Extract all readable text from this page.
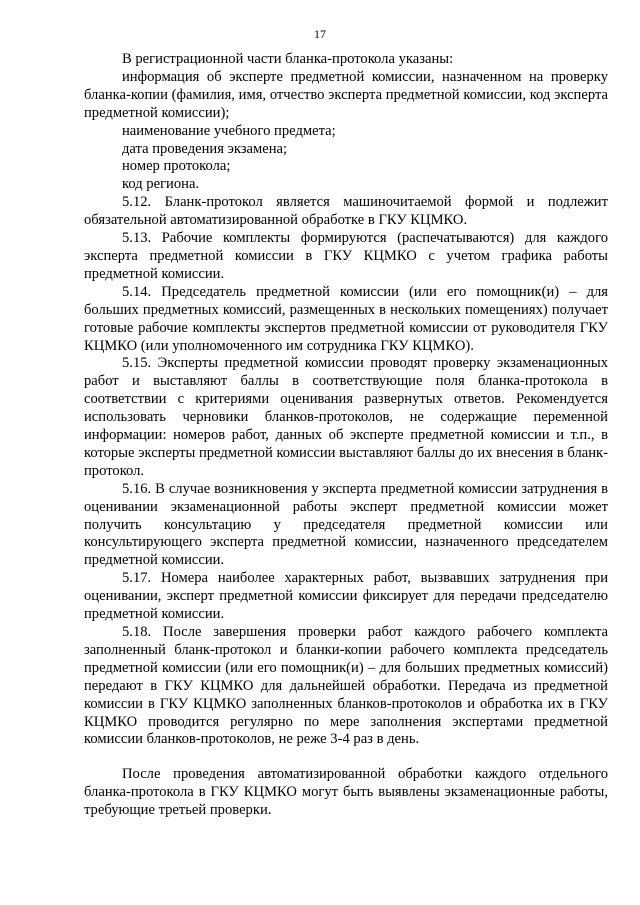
17

В регистрационной части бланка-протокола указаны:

информация об эксперте предметной комиссии, назначенном на проверку бланка-копии (фамилия, имя, отчество эксперта предметной комиссии, код эксперта предметной комиссии);

наименование учебного предмета;

дата проведения экзамена;

номер протокола;

код региона.

5.12. Бланк-протокол является машиночитаемой формой и подлежит обязательной автоматизированной обработке в ГКУ КЦМКО.

5.13. Рабочие комплекты формируются (распечатываются) для каждого эксперта предметной комиссии в ГКУ КЦМКО с учетом графика работы предметной комиссии.

5.14. Председатель предметной комиссии (или его помощник(и) – для больших предметных комиссий, размещенных в нескольких помещениях) получает готовые рабочие комплекты экспертов предметной комиссии от руководителя ГКУ КЦМКО (или уполномоченного им сотрудника ГКУ КЦМКО).

5.15. Эксперты предметной комиссии проводят проверку экзаменационных работ и выставляют баллы в соответствующие поля бланка-протокола в соответствии с критериями оценивания развернутых ответов. Рекомендуется использовать черновики бланков-протоколов, не содержащие переменной информации: номеров работ, данных об эксперте предметной комиссии и т.п., в которые эксперты предметной комиссии выставляют баллы до их внесения в бланк-протокол.

5.16. В случае возникновения у эксперта предметной комиссии затруднения в оценивании экзаменационной работы эксперт предметной комиссии может получить консультацию у председателя предметной комиссии или консультирующего эксперта предметной комиссии, назначенного председателем предметной комиссии.

5.17. Номера наиболее характерных работ, вызвавших затруднения при оценивании, эксперт предметной комиссии фиксирует для передачи председателю предметной комиссии.

5.18. После завершения проверки работ каждого рабочего комплекта заполненный бланк-протокол и бланки-копии рабочего комплекта председатель предметной комиссии (или его помощник(и) – для больших предметных комиссий) передают в ГКУ КЦМКО для дальнейшей обработки. Передача из предметной комиссии в ГКУ КЦМКО заполненных бланков-протоколов и обработка их в ГКУ КЦМКО проводится регулярно по мере заполнения экспертами предметной комиссии бланков-протоколов, не реже 3-4 раз в день.

После проведения автоматизированной обработки каждого отдельного бланка-протокола в ГКУ КЦМКО могут быть выявлены экзаменационные работы, требующие третьей проверки.
